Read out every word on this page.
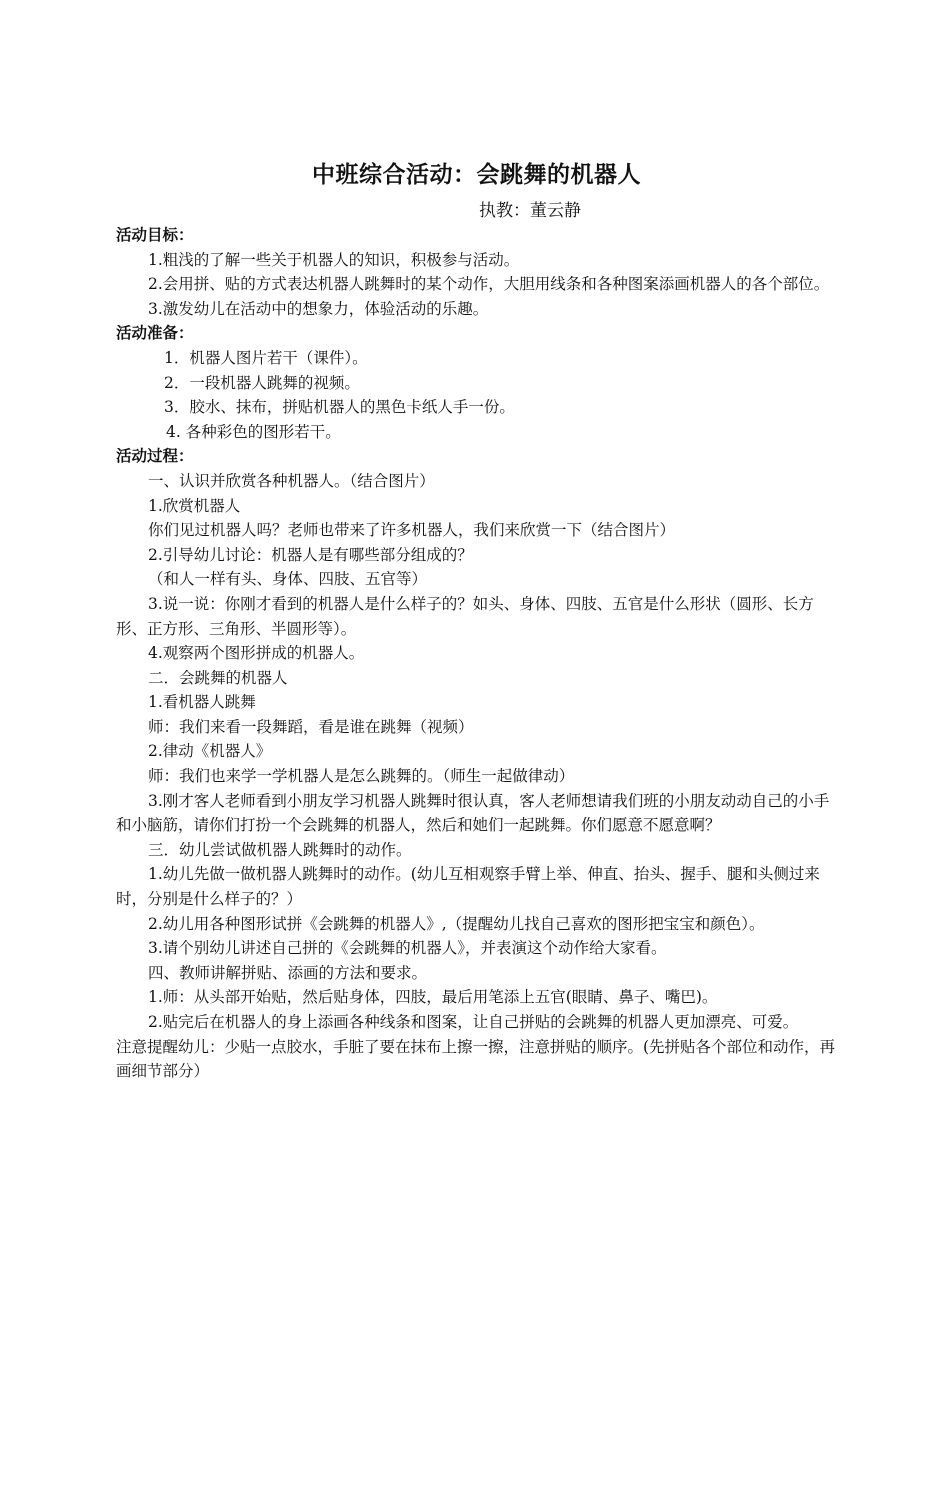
中班综合活动：会跳舞的机器人
执教：董云静
活动目标：

1.粗浅的了解一些关于机器人的知识，积极参与活动。

2.会用拼、贴的方式表达机器人跳舞时的某个动作，大胆用线条和各种图案添画机器人的各个部位。

3.激发幼儿在活动中的想象力，体验活动的乐趣。

活动准备：

1．机器人图片若干（课件）。

2．一段机器人跳舞的视频。

3．胶水、抹布，拼贴机器人的黑色卡纸人手一份。

4. 各种彩色的图形若干。

活动过程：

一、认识并欣赏各种机器人。（结合图片）

1.欣赏机器人

你们见过机器人吗？老师也带来了许多机器人，我们来欣赏一下（结合图片）

2.引导幼儿讨论：机器人是有哪些部分组成的？

（和人一样有头、身体、四肢、五官等）

3.说一说：你刚才看到的机器人是什么样子的？如头、身体、四肢、五官是什么形状（圆形、长方形、正方形、三角形、半圆形等）。

4.观察两个图形拼成的机器人。

二．会跳舞的机器人

1.看机器人跳舞

师：我们来看一段舞蹈，看是谁在跳舞（视频）

2.律动《机器人》

师：我们也来学一学机器人是怎么跳舞的。（师生一起做律动）

3.刚才客人老师看到小朋友学习机器人跳舞时很认真，客人老师想请我们班的小朋友动动自己的小手和小脑筋，请你们打扮一个会跳舞的机器人，然后和她们一起跳舞。你们愿意不愿意啊？

三．幼儿尝试做机器人跳舞时的动作。

1.幼儿先做一做机器人跳舞时的动作。(幼儿互相观察手臂上举、伸直、抬头、握手、腿和头侧过来时，分别是什么样子的？）

2.幼儿用各种图形试拼《会跳舞的机器人》,（提醒幼儿找自己喜欢的图形把宝宝和颜色）。

3.请个别幼儿讲述自己拼的《会跳舞的机器人》，并表演这个动作给大家看。

四、教师讲解拼贴、添画的方法和要求。

1.师：从头部开始贴，然后贴身体，四肢，最后用笔添上五官(眼睛、鼻子、嘴巴)。

2.贴完后在机器人的身上添画各种线条和图案，让自己拼贴的会跳舞的机器人更加漂亮、可爱。

注意提醒幼儿：少贴一点胶水，手脏了要在抹布上擦一擦，注意拼贴的顺序。(先拼贴各个部位和动作，再画细节部分）
